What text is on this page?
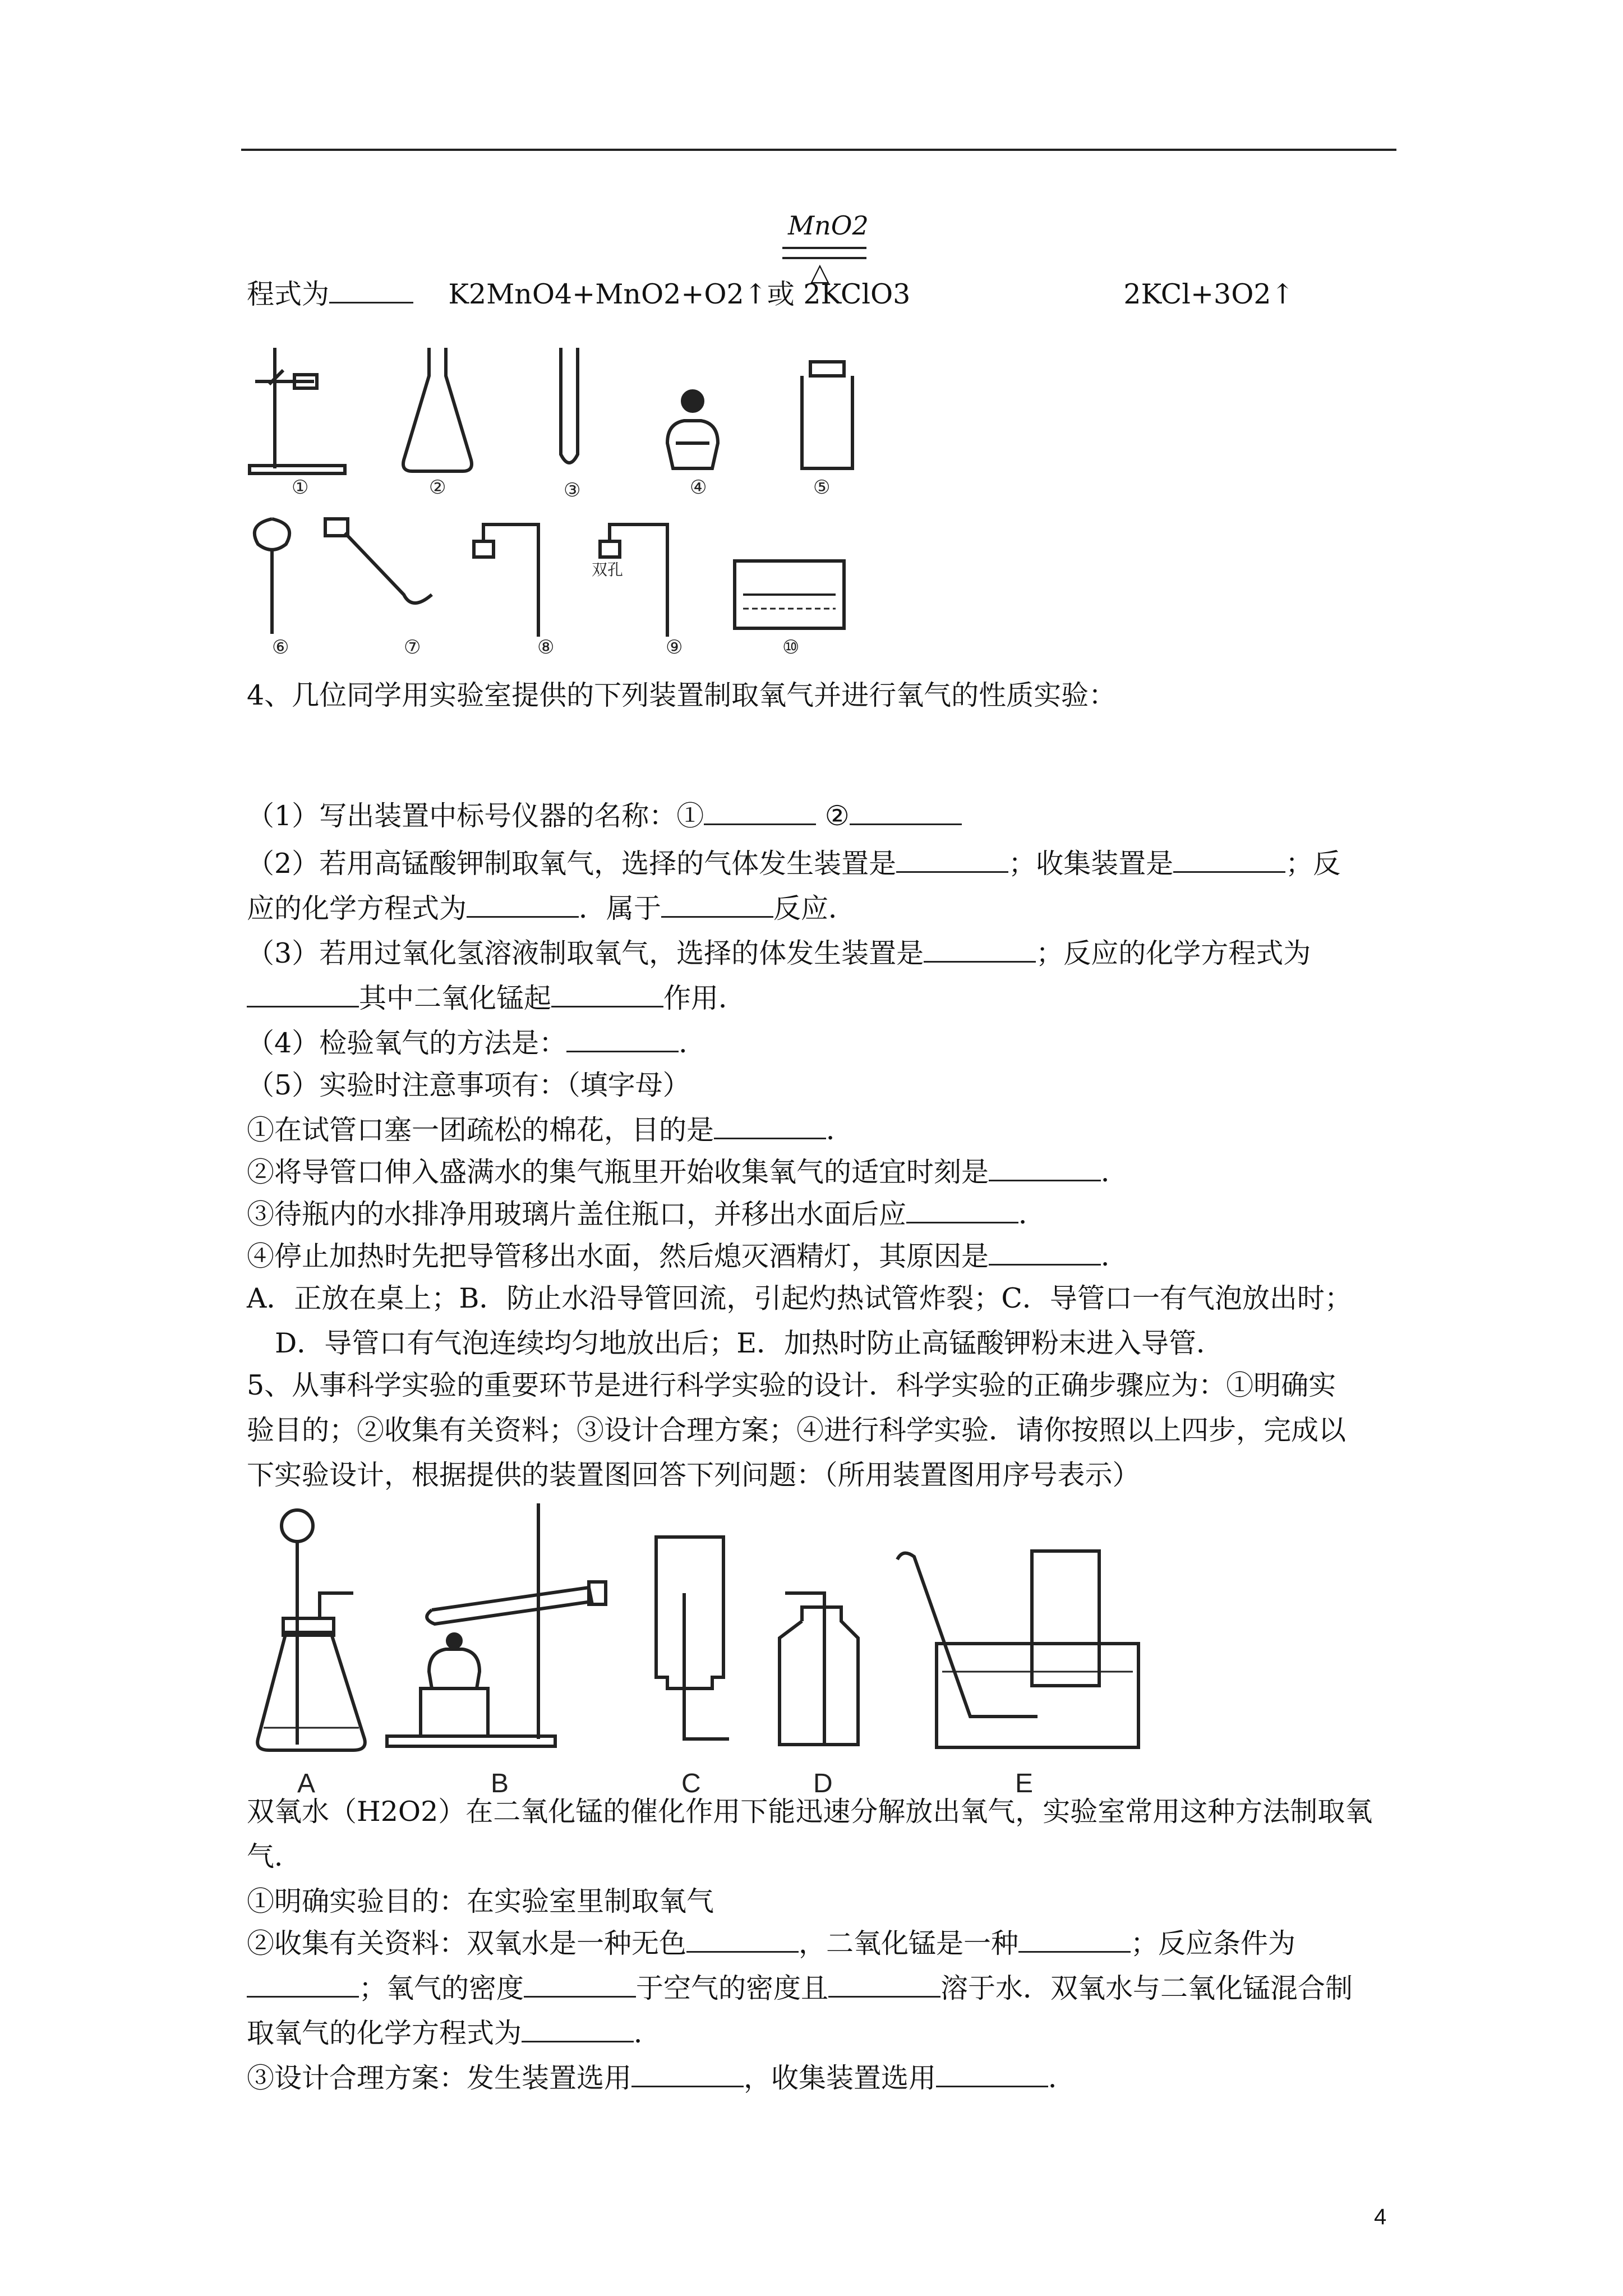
MnO2
△
程式为	K2MnO4+MnO2+O2↑或 2KClO3	2KCl+3O2↑
①	②	③	④	⑤
双孔
⑥	⑦	⑧	⑨	⑩
4、几位同学用实验室提供的下列装置制取氧气并进行氧气的性质实验：
（1）写出装置中标号仪器的名称：①	②
（2）若用高锰酸钾制取氧气，选择的气体发生装置是	；收集装置是	；反
应的化学方程式为	．属于	反应．
（3）若用过氧化氢溶液制取氧气，选择的体发生装置是	；反应的化学方程式为
其中二氧化锰起	作用．
（4）检验氧气的方法是：	．
（5）实验时注意事项有：（填字母）
①在试管口塞一团疏松的棉花，目的是	．
②将导管口伸入盛满水的集气瓶里开始收集氧气的适宜时刻是	．
③待瓶内的水排净用玻璃片盖住瓶口，并移出水面后应	．
④停止加热时先把导管移出水面，然后熄灭酒精灯，其原因是	．
A．正放在桌上；B．防止水沿导管回流，引起灼热试管炸裂；C．导管口一有气泡放出时；
D．导管口有气泡连续均匀地放出后；E．加热时防止高锰酸钾粉末进入导管．
5、从事科学实验的重要环节是进行科学实验的设计．科学实验的正确步骤应为：①明确实
验目的；②收集有关资料；③设计合理方案；④进行科学实验．请你按照以上四步，完成以
下实验设计，根据提供的装置图回答下列问题：（所用装置图用序号表示）
A	B	C	D	E
双氧水（H2O2）在二氧化锰的催化作用下能迅速分解放出氧气，实验室常用这种方法制取氧
气．
①明确实验目的：在实验室里制取氧气
②收集有关资料：双氧水是一种无色	，二氧化锰是一种	；反应条件为
；氧气的密度	于空气的密度且	溶于水．双氧水与二氧化锰混合制
取氧气的化学方程式为	．
③设计合理方案：发生装置选用	，收集装置选用	．
4
